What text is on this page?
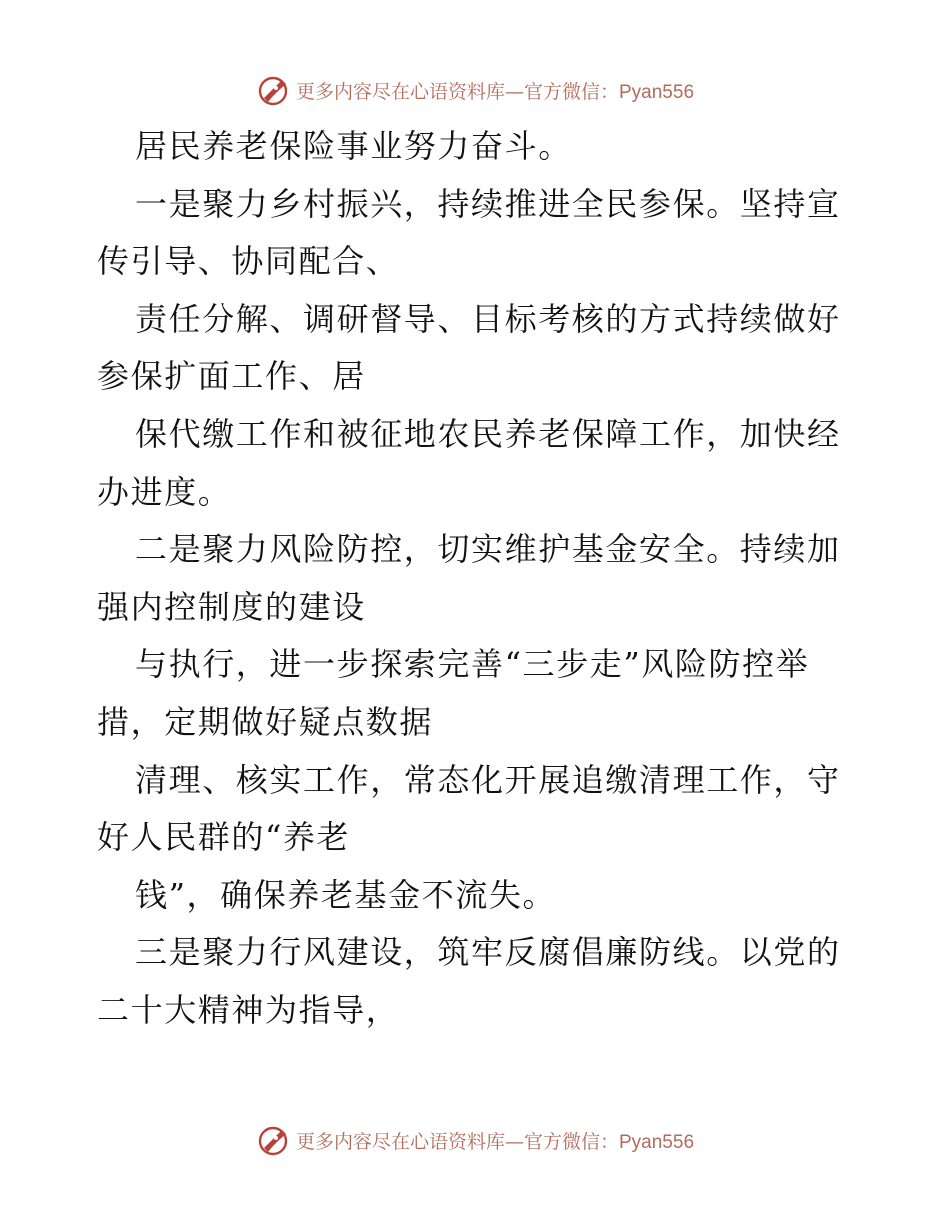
更多内容尽在心语资料库—官方微信：Pyan556
居民养老保险事业努力奋斗。
一是聚力乡村振兴，持续推进全民参保。坚持宣
传引导、协同配合、
责任分解、调研督导、目标考核的方式持续做好
参保扩面工作、居
保代缴工作和被征地农民养老保障工作，加快经
办进度。
二是聚力风险防控，切实维护基金安全。持续加
强内控制度的建设
与执行，进一步探索完善“三步走”风险防控举
措，定期做好疑点数据
清理、核实工作，常态化开展追缴清理工作，守
好人民群的“养老
钱”，确保养老基金不流失。
三是聚力行风建设，筑牢反腐倡廉防线。以党的
二十大精神为指导，
更多内容尽在心语资料库—官方微信：Pyan556
